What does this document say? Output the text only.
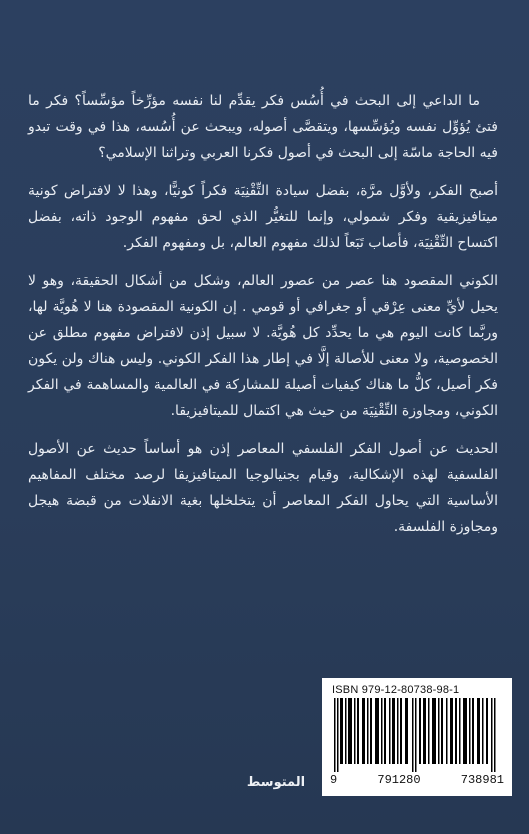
ما الداعي إلى البحث في أُسُس فكر يقدِّم لنا نفسه مؤرِّخاً مؤسِّساً؟ فكر ما فتئ يُؤوِّل نفسه ويُؤسِّسها، ويتقصَّى أصوله، ويبحث عن أُسُسه، هذا في وقت تبدو فيه الحاجة ماسّة إلى البحث في أصول فكرنا العربي وتراثنا الإسلامي؟

أصبح الفكر، ولأوَّل مرَّة، بفضل سيادة التِّقْنِيَة فكراً كونيًّا، وهذا لا لافتراض كونية ميتافيزيقية وفكر شمولي، وإنما للتغيُّر الذي لحق مفهوم الوجود ذاته، بفضل اكتساح التِّقْنِيَة، فأصاب تَبَعاً لذلك مفهوم العالم، بل ومفهوم الفكر.

الكوني المقصود هنا عصر من عصور العالم، وشكل من أشكال الحقيقة، وهو لا يحيل لأيِّ معنى عِرْقي أو جغرافي أو قومي . إن الكونية المقصودة هنا لا هُويَّة لها، وربَّما كانت اليوم هي ما يحدِّد كل هُويَّة. لا سبيل إذن لافتراض مفهوم مطلق عن الخصوصية، ولا معنى للأصالة إلَّا في إطار هذا الفكر الكوني. وليس هناك ولن يكون فكر أصيل، كلُّ ما هناك كيفيات أصيلة للمشاركة في العالمية والمساهمة في الفكر الكوني، ومجاوزة التِّقْنِيَة من حيث هي اكتمال للميتافيزيقا.

الحديث عن أصول الفكر الفلسفي المعاصر إذن هو أساساً حديث عن الأصول الفلسفية لهذه الإشكالية، وقيام بجنيالوجيا الميتافيزيقا لرصد مختلف المفاهيم الأساسية التي يحاول الفكر المعاصر أن يتخلخلها بغية الانفلات من قبضة هيجل ومجاوزة الفلسفة.

المتوسط
ISBN 979-12-80738-98-1
9	791280	738981
